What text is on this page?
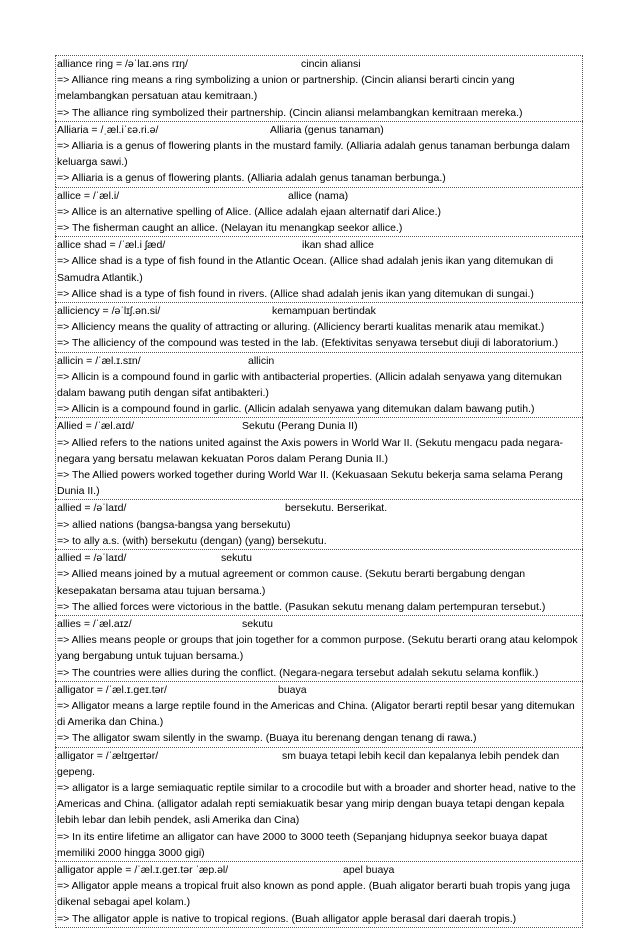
alliance ring = /əˈlaɪ.əns rɪŋ/	cincin aliansi
=> Alliance ring means a ring symbolizing a union or partnership. (Cincin aliansi berarti cincin yang melambangkan persatuan atau kemitraan.)
=> The alliance ring symbolized their partnership. (Cincin aliansi melambangkan kemitraan mereka.)
Alliaria = /ˌæl.iˈɛə.ri.ə/	Alliaria (genus tanaman)
=> Alliaria is a genus of flowering plants in the mustard family. (Alliaria adalah genus tanaman berbunga dalam keluarga sawi.)
=> Alliaria is a genus of flowering plants. (Alliaria adalah genus tanaman berbunga.)
allice = /ˈæl.i/	allice (nama)
=> Allice is an alternative spelling of Alice. (Allice adalah ejaan alternatif dari Alice.)
=> The fisherman caught an allice. (Nelayan itu menangkap seekor allice.)
allice shad = /ˈæl.i ʃæd/	ikan shad allice
=> Allice shad is a type of fish found in the Atlantic Ocean. (Allice shad adalah jenis ikan yang ditemukan di Samudra Atlantik.)
=> Allice shad is a type of fish found in rivers. (Allice shad adalah jenis ikan yang ditemukan di sungai.)
alliciency = /əˈlɪʃ.ən.si/	kemampuan bertindak
=> Alliciency means the quality of attracting or alluring. (Alliciency berarti kualitas menarik atau memikat.)
=> The alliciency of the compound was tested in the lab. (Efektivitas senyawa tersebut diuji di laboratorium.)
allicin = /ˈæl.ɪ.sɪn/	allicin
=> Allicin is a compound found in garlic with antibacterial properties. (Allicin adalah senyawa yang ditemukan dalam bawang putih dengan sifat antibakteri.)
=> Allicin is a compound found in garlic. (Allicin adalah senyawa yang ditemukan dalam bawang putih.)
Allied = /ˈæl.aɪd/	Sekutu (Perang Dunia II)
=> Allied refers to the nations united against the Axis powers in World War II. (Sekutu mengacu pada negara-negara yang bersatu melawan kekuatan Poros dalam Perang Dunia II.)
=> The Allied powers worked together during World War II. (Kekuasaan Sekutu bekerja sama selama Perang Dunia II.)
allied = /əˈlaɪd/	bersekutu. Berserikat.
=> allied nations (bangsa-bangsa yang bersekutu)
=> to ally a.s. (with) bersekutu (dengan) (yang) bersekutu.
allied = /əˈlaɪd/	sekutu
=> Allied means joined by a mutual agreement or common cause. (Sekutu berarti bergabung dengan kesepakatan bersama atau tujuan bersama.)
=> The allied forces were victorious in the battle. (Pasukan sekutu menang dalam pertempuran tersebut.)
allies = /ˈæl.aɪz/	sekutu
=> Allies means people or groups that join together for a common purpose. (Sekutu berarti orang atau kelompok yang bergabung untuk tujuan bersama.)
=> The countries were allies during the conflict. (Negara-negara tersebut adalah sekutu selama konflik.)
alligator = /ˈæl.ɪ.ɡeɪ.tər/	buaya
=> Alligator means a large reptile found in the Americas and China. (Aligator berarti reptil besar yang ditemukan di Amerika dan China.)
=> The alligator swam silently in the swamp. (Buaya itu berenang dengan tenang di rawa.)
alligator = /ˈælɪɡeɪtər/	sm buaya tetapi lebih kecil dan kepalanya lebih pendek dan gepeng.
=> alligator is a large semiaquatic reptile similar to a crocodile but with a broader and shorter head, native to the Americas and China. (alligator adalah repti semiakuatik besar yang mirip dengan buaya tetapi dengan kepala lebih lebar dan lebih pendek, asli Amerika dan Cina)
=> In its entire lifetime an alligator can have 2000 to 3000 teeth (Sepanjang hidupnya seekor buaya dapat memiliki 2000 hingga 3000 gigi)
alligator apple = /ˈæl.ɪ.ɡeɪ.tər ˈæp.əl/	apel buaya
=> Alligator apple means a tropical fruit also known as pond apple. (Buah aligator berarti buah tropis yang juga dikenal sebagai apel kolam.)
=> The alligator apple is native to tropical regions. (Buah alligator apple berasal dari daerah tropis.)
